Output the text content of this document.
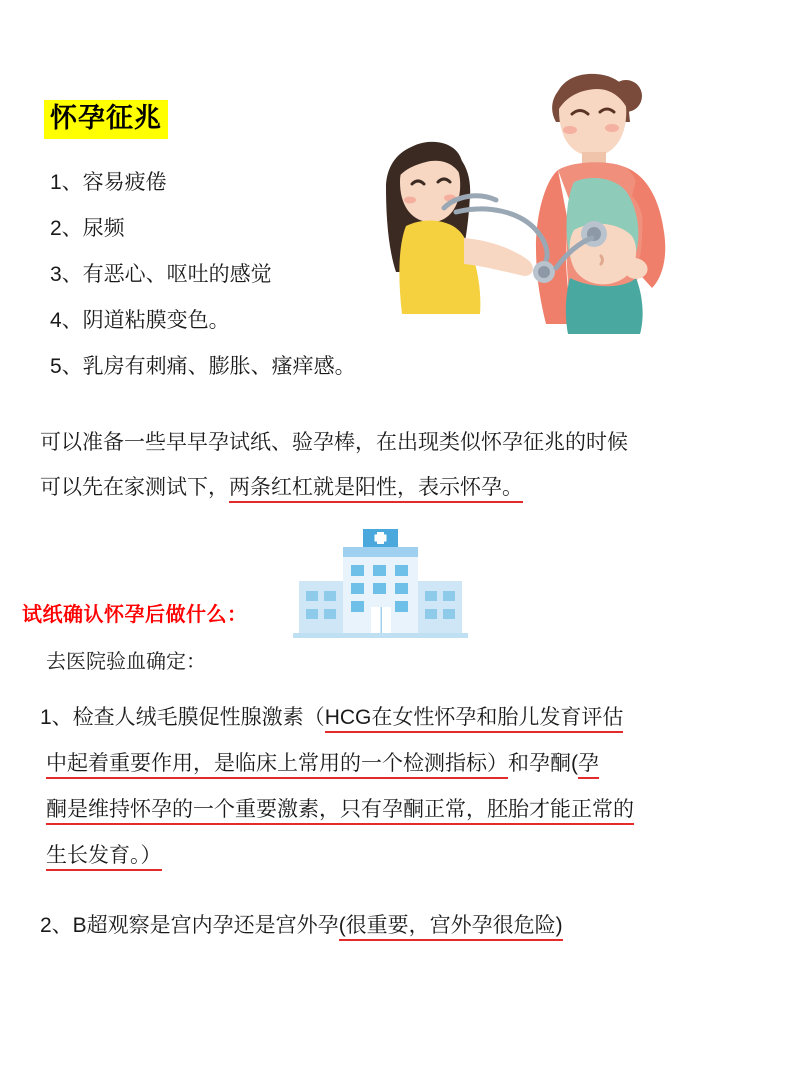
怀孕征兆
1、容易疲倦
2、尿频
3、有恶心、呕吐的感觉
4、阴道粘膜变色。
5、乳房有刺痛、膨胀、瘙痒感。
可以准备一些早早孕试纸、验孕棒，在出现类似怀孕征兆的时候
可以先在家测试下，两条红杠就是阳性，表示怀孕。
试纸确认怀孕后做什么：
去医院验血确定：
1、检查人绒毛膜促性腺激素（HCG在女性怀孕和胎儿发育评估
中起着重要作用，是临床上常用的一个检测指标）和孕酮(孕
酮是维持怀孕的一个重要激素，只有孕酮正常，胚胎才能正常的
生长发育。）
2、B超观察是宫内孕还是宫外孕(很重要，宫外孕很危险)
